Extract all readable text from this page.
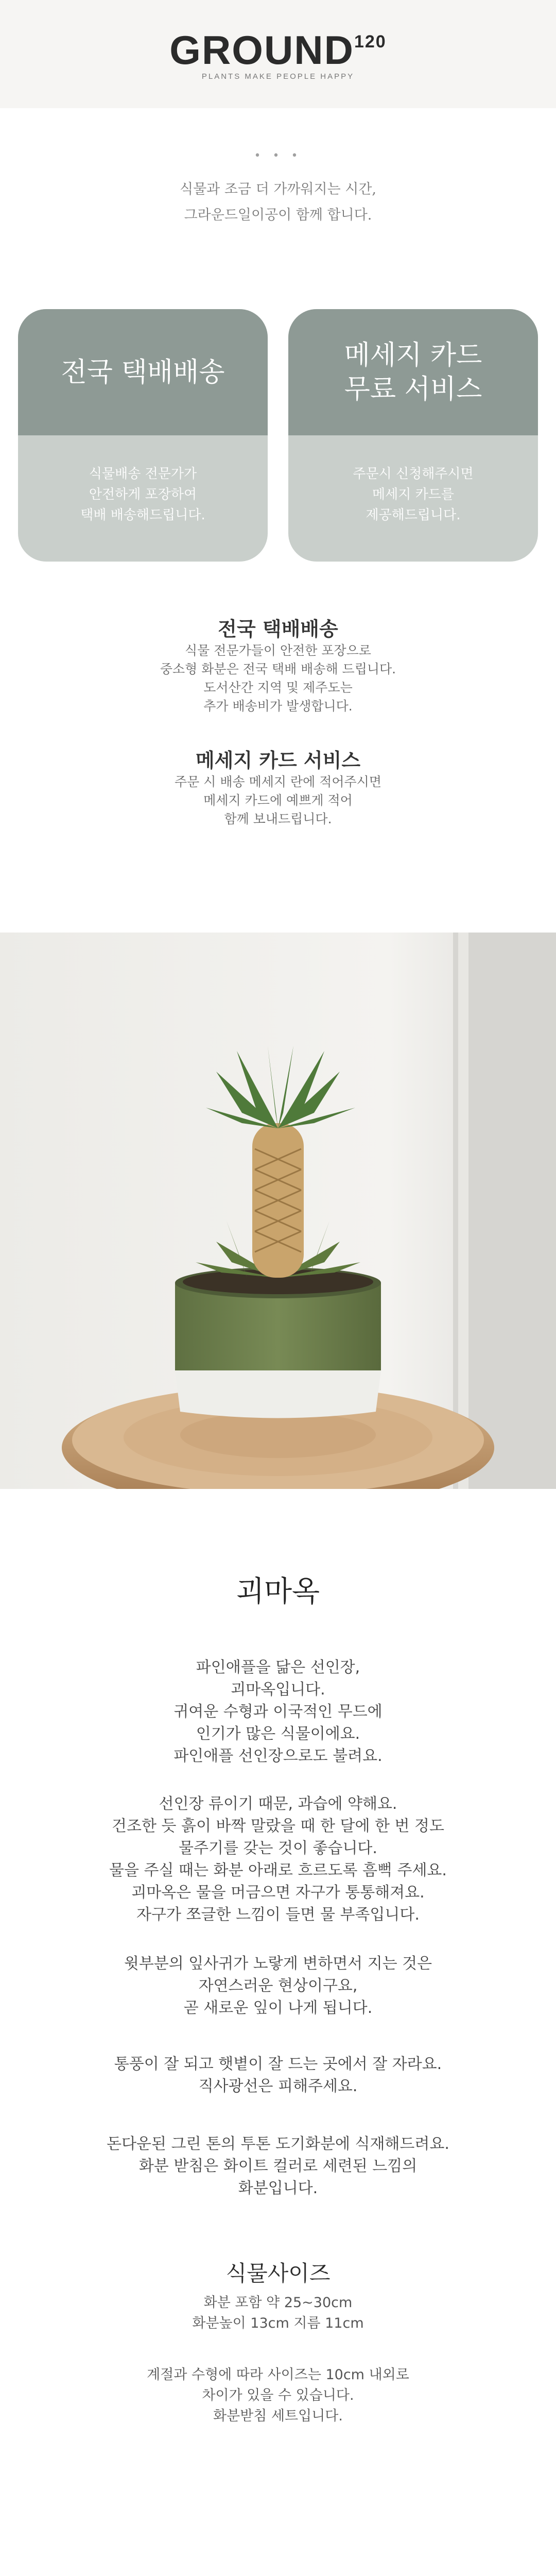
GROUND$^{120}$
PLANTS MAKE PEOPLE HAPPY
• • •
식물과 조금 더 가까워지는 시간,
그라운드일이공이 함께 합니다.
전국 택배배송
식물배송 전문가가
안전하게 포장하여
택배 배송해드립니다.
메세지 카드
무료 서비스
주문시 신청해주시면
메세지 카드를
제공해드립니다.
전국 택배배송
식물 전문가들이 안전한 포장으로
중소형 화분은 전국 택배 배송해 드립니다.
도서산간 지역 및 제주도는
추가 배송비가 발생합니다.
메세지 카드 서비스
주문 시 배송 메세지 란에 적어주시면
메세지 카드에 예쁘게 적어
함께 보내드립니다.
괴마옥
파인애플을 닮은 선인장,
괴마옥입니다.
귀여운 수형과 이국적인 무드에
인기가 많은 식물이에요.
파인애플 선인장으로도 불려요.
선인장 류이기 때문, 과습에 약해요.
건조한 듯 흙이 바짝 말랐을 때 한 달에 한 번 정도
물주기를 갖는 것이 좋습니다.
물을 주실 때는 화분 아래로 흐르도록 흠뻑 주세요.
괴마옥은 물을 머금으면 자구가 통통해져요.
자구가 쪼글한 느낌이 들면 물 부족입니다.
윗부분의 잎사귀가 노랗게 변하면서 지는 것은
자연스러운 현상이구요,
곧 새로운 잎이 나게 됩니다.
통풍이 잘 되고 햇볕이 잘 드는 곳에서 잘 자라요.
직사광선은 피해주세요.
돈다운된 그린 톤의 투톤 도기화분에 식재해드려요.
화분 받침은 화이트 컬러로 세련된 느낌의
화분입니다.
식물사이즈
화분 포함 약 25~30cm
화분높이 13cm 지름 11cm
계절과 수형에 따라 사이즈는 10cm 내외로
차이가 있을 수 있습니다.
화분받침 세트입니다.
